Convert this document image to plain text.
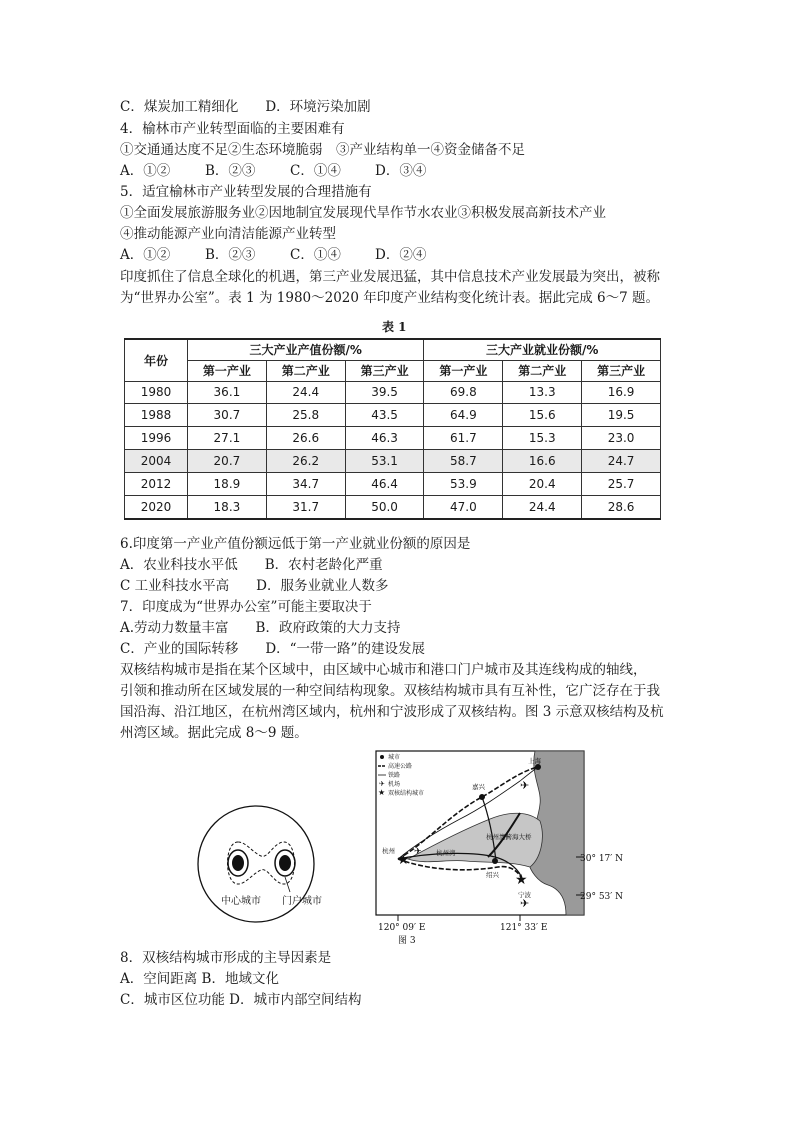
C．煤炭加工精细化　　D．环境污染加剧
4．榆林市产业转型面临的主要困难有
①交通通达度不足②生态环境脆弱　③产业结构单一④资金储备不足
A．①②	B．②③	C．①④	D．③④
5．适宜榆林市产业转型发展的合理措施有
①全面发展旅游服务业②因地制宜发展现代旱作节水农业③积极发展高新技术产业
④推动能源产业向清洁能源产业转型
A．①②	B．②③	C．①④	D．②④
印度抓住了信息全球化的机遇，第三产业发展迅猛，其中信息技术产业发展最为突出，被称
为“世界办公室”。表 1 为 1980～2020 年印度产业结构变化统计表。据此完成 6～7 题。
表 1
年份	三大产业产值份额/%			三大产业就业份额/%		
	第一产业	第二产业	第三产业	第一产业	第二产业	第三产业
1980	36.1	24.4	39.5	69.8	13.3	16.9
1988	30.7	25.8	43.5	64.9	15.6	19.5
1996	27.1	26.6	46.3	61.7	15.3	23.0
2004	20.7	26.2	53.1	58.7	16.6	24.7
2012	18.9	34.7	46.4	53.9	20.4	25.7
2020	18.3	31.7	50.0	47.0	24.4	28.6
6.印度第一产业产值份额远低于第一产业就业份额的原因是
A．农业科技水平低　　B．农村老龄化严重
C 工业科技水平高　　D．服务业就业人数多
7．印度成为“世界办公室”可能主要取决于
A.劳动力数量丰富　　B．政府政策的大力支持
C．产业的国际转移　　D．“一带一路”的建设发展
双核结构城市是指在某个区域中，由区域中心城市和港口门户城市及其连线构成的轴线，
引领和推动所在区域发展的一种空间结构现象。双核结构城市具有互补性，它广泛存在于我
国沿海、沿江地区，在杭州湾区域内，杭州和宁波形成了双核结构。图 3 示意双核结构及杭
州湾区域。据此完成 8～9 题。
中心城市 门户城市
★
★
✈
✈
✈
城市
高速公路
铁路
✈ 机场
★ 双核结构城市
上海
嘉兴
杭州	杭州湾
绍兴
宁波
杭州湾跨海大桥
30° 17′ N
29° 53′ N
120° 09′ E	121° 33′ E
图 3
8．双核结构城市形成的主导因素是
A．空间距离 B．地域文化
C．城市区位功能 D．城市内部空间结构
